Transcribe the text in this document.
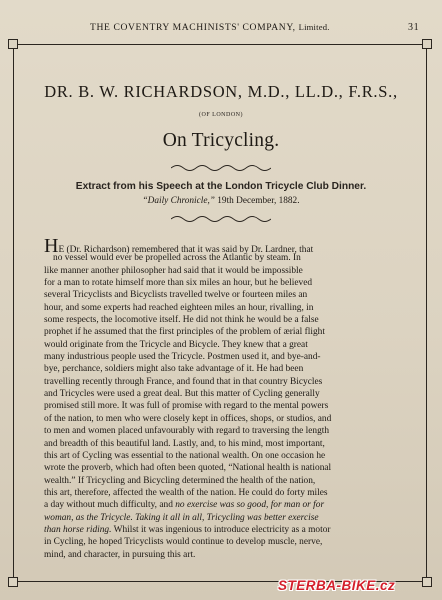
THE COVENTRY MACHINISTS' COMPANY, Limited.	31
DR. B. W. RICHARDSON, M.D., LL.D., F.R.S.,
(OF LONDON)
On Tricycling.
Extract from his Speech at the London Tricycle Club Dinner.
“Daily Chronicle,” 19th December, 1882.
HE (Dr. Richardson) remembered that it was said by Dr. Lardner, that
no vessel would ever be propelled across the Atlantic by steam. In
like manner another philosopher had said that it would be impossible
for a man to rotate himself more than six miles an hour, but he believed
several Tricyclists and Bicyclists travelled twelve or fourteen miles an
hour, and some experts had reached eighteen miles an hour, rivalling, in
some respects, the locomotive itself. He did not think he would be a false
prophet if he assumed that the first principles of the problem of ærial flight
would originate from the Tricycle and Bicycle. They knew that a great
many industrious people used the Tricycle. Postmen used it, and bye-and-
bye, perchance, soldiers might also take advantage of it. He had been
travelling recently through France, and found that in that country Bicycles
and Tricycles were used a great deal. But this matter of Cycling generally
promised still more. It was full of promise with regard to the mental powers
of the nation, to men who were closely kept in offices, shops, or studios, and
to men and women placed unfavourably with regard to traversing the length
and breadth of this beautiful land. Lastly, and, to his mind, most important,
this art of Cycling was essential to the national wealth. On one occasion he
wrote the proverb, which had often been quoted, “National health is national
wealth.” If Tricycling and Bicycling determined the health of the nation,
this art, therefore, affected the wealth of the nation. He could do forty miles
a day without much difficulty, and no exercise was so good, for man or for
woman, as the Tricycle. Taking it all in all, Tricycling was better exercise
than horse riding. Whilst it was ingenious to introduce electricity as a motor
in Cycling, he hoped Tricyclists would continue to develop muscle, nerve,
mind, and character, in pursuing this art.
STERBA-BIKE.cz
